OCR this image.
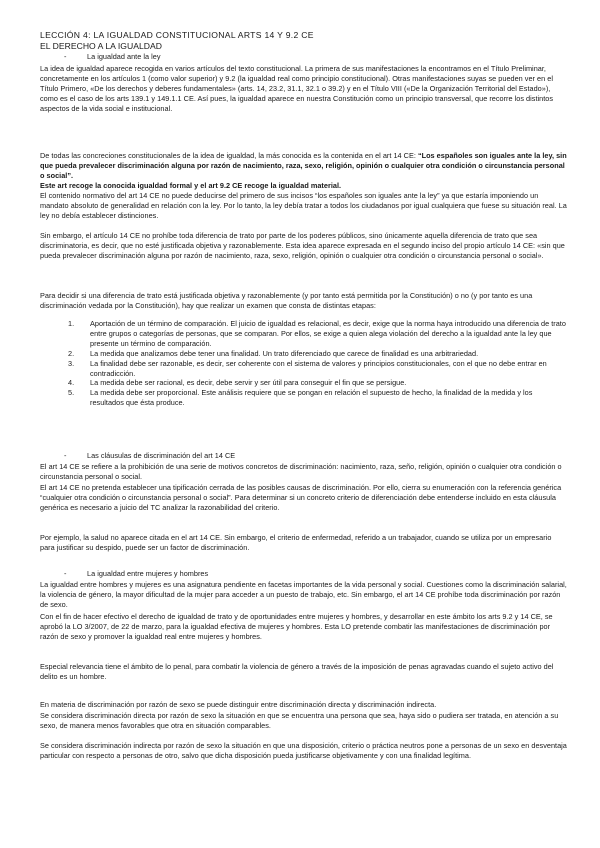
LECCIÓN 4: LA IGUALDAD CONSTITUCIONAL ARTS 14 Y 9.2 CE
EL DERECHO A LA IGUALDAD
-	La igualdad ante la ley

La idea de igualdad aparece recogida en varios artículos del texto constitucional. La primera de sus manifestaciones la encontramos en el Título Preliminar, concretamente en los artículos 1 (como valor superior) y 9.2 (la igualdad real como principio constitucional). Otras manifestaciones suyas se pueden ver en el Título Primero, «De los derechos y deberes fundamentales» (arts. 14, 23.2, 31.1, 32.1 o 39.2) y en el Título VIII («De la Organización Territorial del Estado»), como es el caso de los arts 139.1 y 149.1.1 CE. Así pues, la igualdad aparece en nuestra Constitución como un principio transversal, que recorre los distintos aspectos de la vida social e institucional.

De todas las concreciones constitucionales de la idea de igualdad, la más conocida es la contenida en el art 14 CE: “Los españoles son iguales ante la ley, sin que pueda prevalecer discriminación alguna por razón de nacimiento, raza, sexo, religión, opinión o cualquier otra condición o circunstancia personal o social”.

Este art recoge la conocida igualdad formal y el art 9.2 CE recoge la igualdad material.

El contenido normativo del art 14 CE no puede deducirse del primero de sus incisos “los españoles son iguales ante la ley” ya que estaría imponiendo un mandato absoluto de generalidad en relación con la ley. Por lo tanto, la ley debía tratar a todos los ciudadanos por igual cualquiera que fuese su situación real. La ley no debía establecer distinciones.

Sin embargo, el artículo 14 CE no prohíbe toda diferencia de trato por parte de los poderes públicos, sino únicamente aquella diferencia de trato que sea discriminatoria, es decir, que no esté justificada objetiva y razonablemente. Esta idea aparece expresada en el segundo inciso del propio artículo 14 CE: «sin que pueda prevalecer discriminación alguna por razón de nacimiento, raza, sexo, religión, opinión o cualquier otra condición o circunstancia personal o social».

Para decidir si una diferencia de trato está justificada objetiva y razonablemente (y por tanto está permitida por la Constitución) o no (y por tanto es una discriminación vedada por la Constitución), hay que realizar un examen que consta de distintas etapas:

1. Aportación de un término de comparación. El juicio de igualdad es relacional, es decir, exige que la norma haya introducido una diferencia de trato entre grupos o categorías de personas, que se comparan. Por ellos, se exige a quien alega violación del derecho a la igualdad ante la ley que presente un término de comparación.
2. La medida que analizamos debe tener una finalidad. Un trato diferenciado que carece de finalidad es una arbitrariedad.
3. La finalidad debe ser razonable, es decir, ser coherente con el sistema de valores y principios constitucionales, con el que no debe entrar en contradicción.
4. La medida debe ser racional, es decir, debe servir y ser útil para conseguir el fin que se persigue.
5. La medida debe ser proporcional. Este análisis requiere que se pongan en relación el supuesto de hecho, la finalidad de la medida y los resultados que ésta produce.
-	Las cláusulas de discriminación del art 14 CE

El art 14 CE se refiere a la prohibición de una serie de motivos concretos de discriminación: nacimiento, raza, seño, religión, opinión o cualquier otra condición o circunstancia personal o social.

El art 14 CE no pretenda establecer una tipificación cerrada de las posibles causas de discriminación. Por ello, cierra su enumeración con la referencia genérica “cualquier otra condición o circunstancia personal o social”. Para determinar si un concreto criterio de diferenciación debe entenderse incluido en esta cláusula genérica es necesario a juicio del TC analizar la razonabilidad del criterio.

Por ejemplo, la salud no aparece citada en el art 14 CE. Sin embargo, el criterio de enfermedad, referido a un trabajador, cuando se utiliza por un empresario para justificar su despido, puede ser un factor de discriminación.

-	La igualdad entre mujeres y hombres

La igualdad entre hombres y mujeres es una asignatura pendiente en facetas importantes de la vida personal y social. Cuestiones como la discriminación salarial, la violencia de género, la mayor dificultad de la mujer para acceder a un puesto de trabajo, etc. Sin embargo, el art 14 CE prohíbe toda discriminación por razón de sexo.

Con el fin de hacer efectivo el derecho de igualdad de trato y de oportunidades entre mujeres y hombres, y desarrollar en este ámbito los arts 9.2 y 14 CE, se aprobó la LO 3/2007, de 22 de marzo, para la igualdad efectiva de mujeres y hombres. Esta LO pretende combatir las manifestaciones de discriminación por razón de sexo y promover la igualdad real entre mujeres y hombres.

Especial relevancia tiene el ámbito de lo penal, para combatir la violencia de género a través de la imposición de penas agravadas cuando el sujeto activo del delito es un hombre.

En materia de discriminación por razón de sexo se puede distinguir entre discriminación directa y discriminación indirecta.

Se considera discriminación directa por razón de sexo la situación en que se encuentra una persona que sea, haya sido o pudiera ser tratada, en atención a su sexo, de manera menos favorables que otra en situación comparables.

Se considera discriminación indirecta por razón de sexo la situación en que una disposición, criterio o práctica neutros pone a personas de un sexo en desventaja particular con respecto a personas de otro, salvo que dicha disposición pueda justificarse objetivamente y con una finalidad legítima.
